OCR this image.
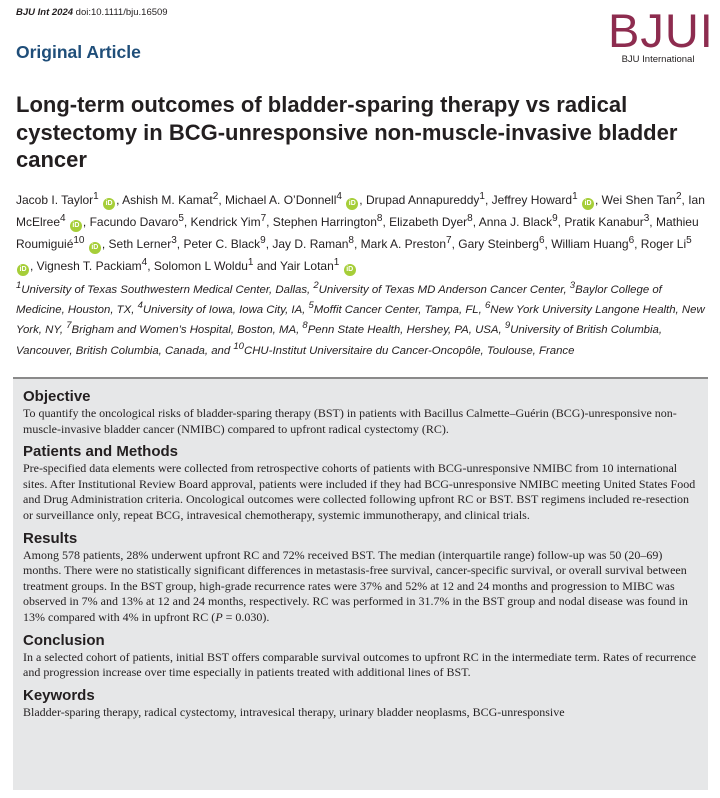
BJU Int 2024 doi:10.1111/bju.16509	BJUI
BJU International
Original Article
Long-term outcomes of bladder-sparing therapy vs radical cystectomy in BCG-unresponsive non-muscle-invasive bladder cancer
Jacob I. Taylor$^1$ iD , Ashish M. Kamat$^2$, Michael A. O’Donnell$^4$ iD , Drupad Annapureddy$^1$, Jeffrey Howard$^1$ iD , Wei Shen Tan$^2$, Ian McElree$^4$ iD , Facundo Davaro$^5$, Kendrick Yim$^7$, Stephen Harrington$^8$, Elizabeth Dyer$^8$, Anna J. Black$^9$, Pratik Kanabur$^3$, Mathieu Roumiguié$^{10}$ iD , Seth Lerner$^3$, Peter C. Black$^9$, Jay D. Raman$^8$, Mark A. Preston$^7$, Gary Steinberg$^6$, William Huang$^6$, Roger Li$^5$ iD , Vignesh T. Packiam$^4$, Solomon L Woldu$^1$ and Yair Lotan$^1$ iD
$^1$University of Texas Southwestern Medical Center, Dallas, $^2$University of Texas MD Anderson Cancer Center, $^3$Baylor College of Medicine, Houston, TX, $^4$University of Iowa, Iowa City, IA, $^5$Moffit Cancer Center, Tampa, FL, $^6$New York University Langone Health, New York, NY, $^7$Brigham and Women’s Hospital, Boston, MA, $^8$Penn State Health, Hershey, PA, USA, $^9$University of British Columbia, Vancouver, British Columbia, Canada, and $^{10}$CHU-Institut Universitaire du Cancer-Oncopôle, Toulouse, France
Objective

To quantify the oncological risks of bladder-sparing therapy (BST) in patients with Bacillus Calmette–Guérin (BCG)-unresponsive non-muscle-invasive bladder cancer (NMIBC) compared to upfront radical cystectomy (RC).

Patients and Methods

Pre-specified data elements were collected from retrospective cohorts of patients with BCG-unresponsive NMIBC from 10 international sites. After Institutional Review Board approval, patients were included if they had BCG-unresponsive NMIBC meeting United States Food and Drug Administration criteria. Oncological outcomes were collected following upfront RC or BST. BST regimens included re-resection or surveillance only, repeat BCG, intravesical chemotherapy, systemic immunotherapy, and clinical trials.

Results

Among 578 patients, 28% underwent upfront RC and 72% received BST. The median (interquartile range) follow-up was 50 (20–69) months. There were no statistically significant differences in metastasis-free survival, cancer-specific survival, or overall survival between treatment groups. In the BST group, high-grade recurrence rates were 37% and 52% at 12 and 24 months and progression to MIBC was observed in 7% and 13% at 12 and 24 months, respectively. RC was performed in 31.7% in the BST group and nodal disease was found in 13% compared with 4% in upfront RC (P = 0.030).

Conclusion

In a selected cohort of patients, initial BST offers comparable survival outcomes to upfront RC in the intermediate term. Rates of recurrence and progression increase over time especially in patients treated with additional lines of BST.

Keywords

Bladder-sparing therapy, radical cystectomy, intravesical therapy, urinary bladder neoplasms, BCG-unresponsive
